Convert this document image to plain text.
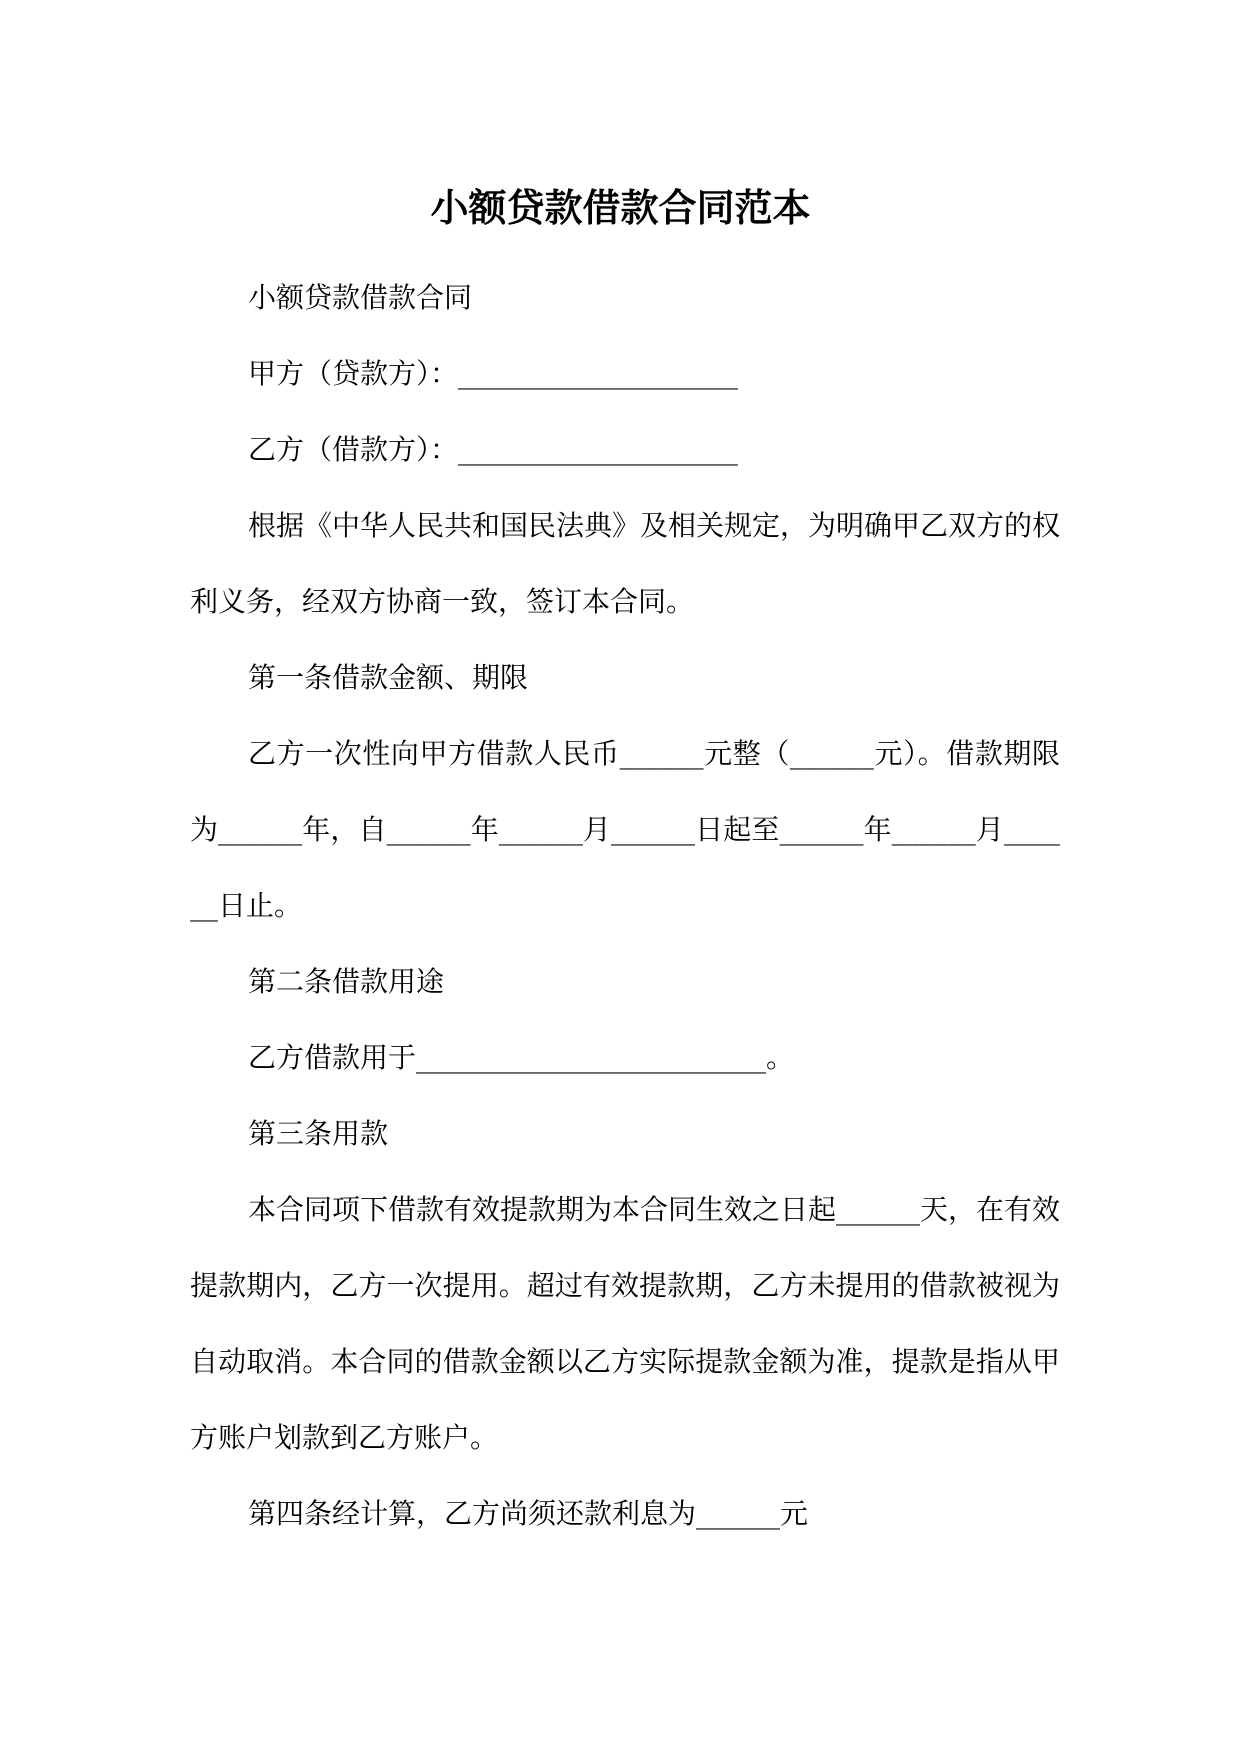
小额贷款借款合同范本

小额贷款借款合同

甲方（贷款方）：____________________

乙方（借款方）：____________________

根据《中华人民共和国民法典》及相关规定，为明确甲乙双方的权利义务，经双方协商一致，签订本合同。

第一条借款金额、期限

乙方一次性向甲方借款人民币______元整（______元）。借款期限为______年，自______年______月______日起至______年______月______日止。

第二条借款用途

乙方借款用于_________________________。

第三条用款

本合同项下借款有效提款期为本合同生效之日起______天，在有效提款期内，乙方一次提用。超过有效提款期，乙方未提用的借款被视为自动取消。本合同的借款金额以乙方实际提款金额为准，提款是指从甲方账户划款到乙方账户。

第四条经计算，乙方尚须还款利息为______元
